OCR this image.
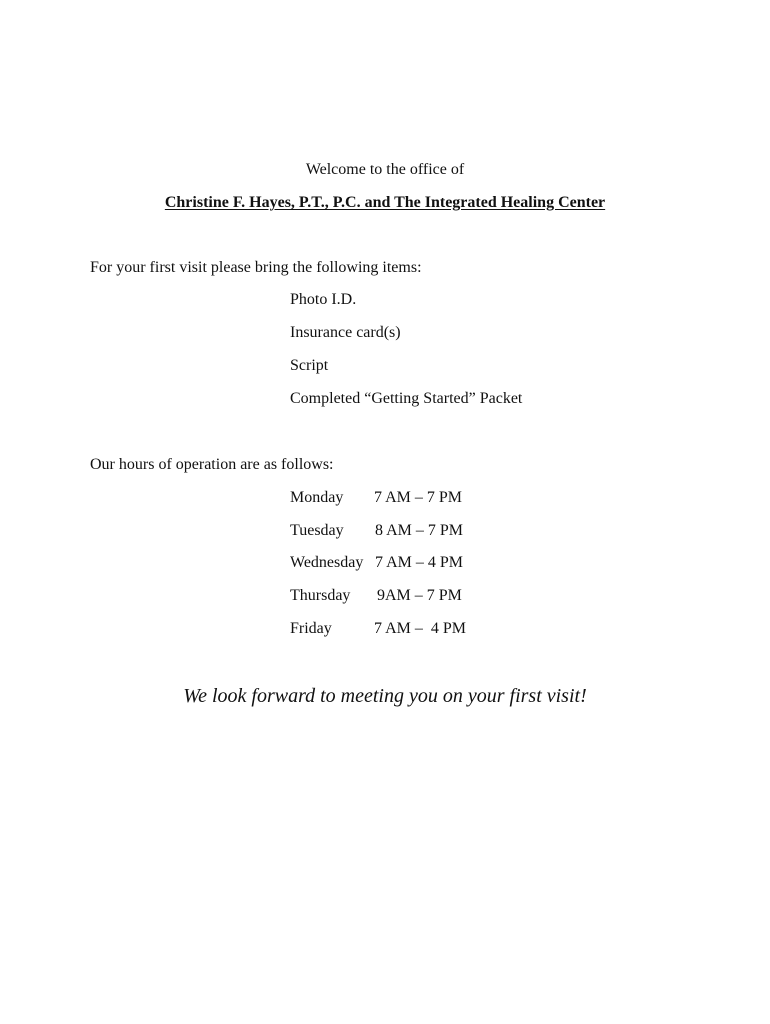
Welcome to the office of
Christine F. Hayes, P.T., P.C. and The Integrated Healing Center
For your first visit please bring the following items:
Photo I.D.
Insurance card(s)
Script
Completed “Getting Started” Packet
Our hours of operation are as follows:
Monday 7 AM – 7 PM
Tuesday 8 AM – 7 PM
Wednesday 7 AM – 4 PM
Thursday 9AM – 7 PM
Friday	7 AM –  4 PM
We look forward to meeting you on your first visit!
